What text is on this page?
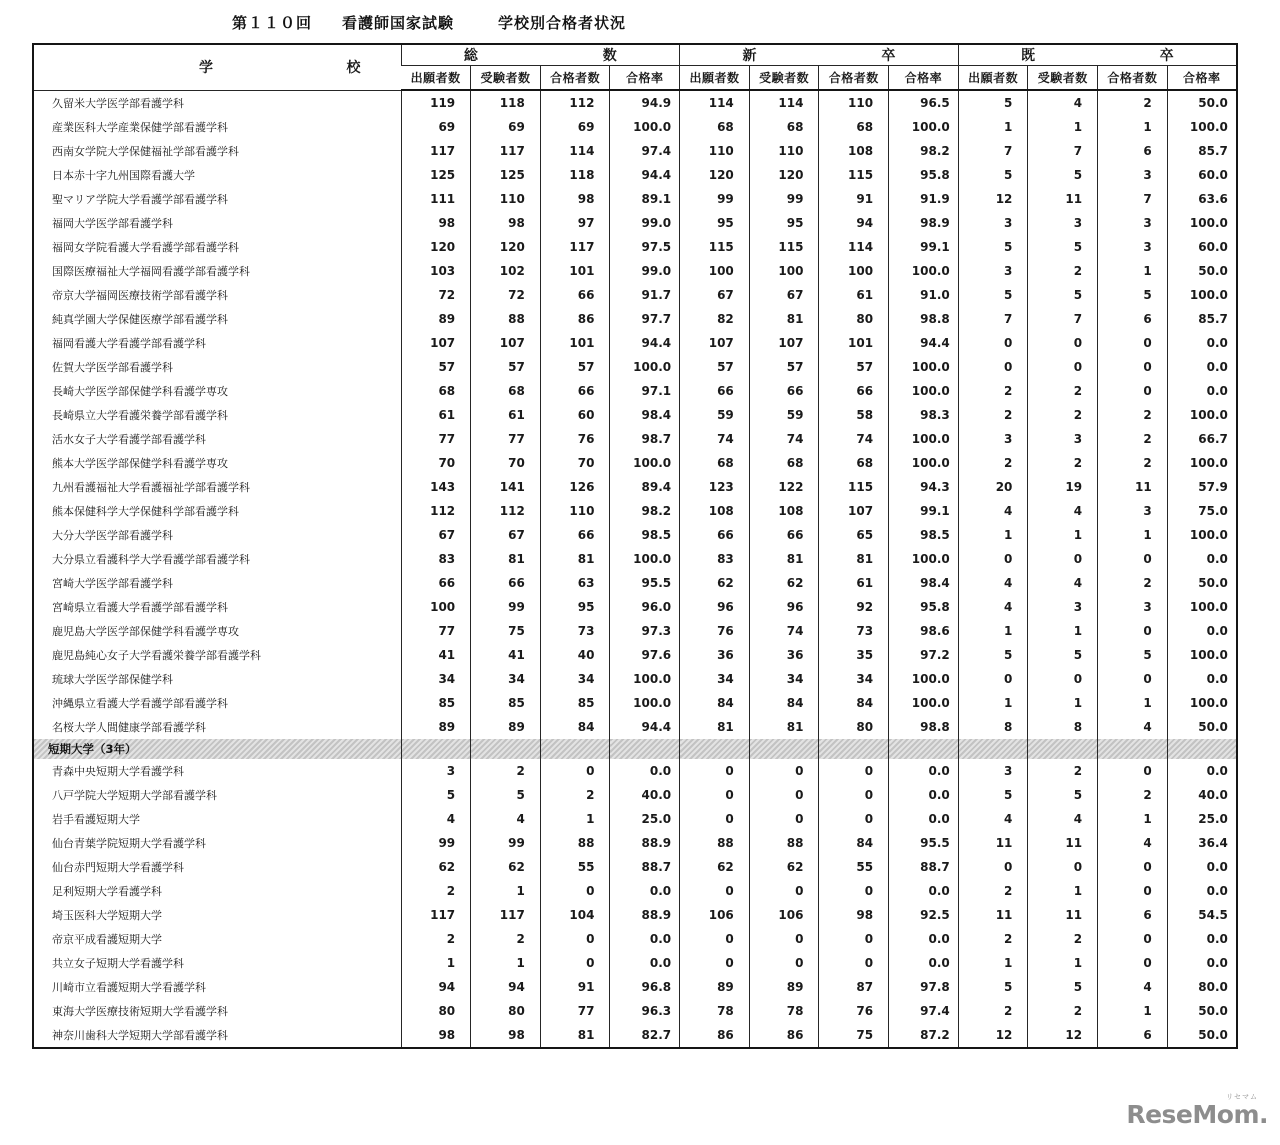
第１１０回 看護師国家試験	学校別合格者状況
学 校	総 数				新 卒				既 卒			

	出願者数	受験者数	合格者数	合格率	出願者数	受験者数	合格者数	合格率	出願者数	受験者数	合格者数	合格率
久留米大学医学部看護学科	119	118	112	94.9	114	114	110	96.5	5	4	2	50.0
産業医科大学産業保健学部看護学科	69	69	69	100.0	68	68	68	100.0	1	1	1	100.0
西南女学院大学保健福祉学部看護学科	117	117	114	97.4	110	110	108	98.2	7	7	6	85.7
日本赤十字九州国際看護大学	125	125	118	94.4	120	120	115	95.8	5	5	3	60.0
聖マリア学院大学看護学部看護学科	111	110	98	89.1	99	99	91	91.9	12	11	7	63.6
福岡大学医学部看護学科	98	98	97	99.0	95	95	94	98.9	3	3	3	100.0
福岡女学院看護大学看護学部看護学科	120	120	117	97.5	115	115	114	99.1	5	5	3	60.0
国際医療福祉大学福岡看護学部看護学科	103	102	101	99.0	100	100	100	100.0	3	2	1	50.0
帝京大学福岡医療技術学部看護学科	72	72	66	91.7	67	67	61	91.0	5	5	5	100.0
純真学園大学保健医療学部看護学科	89	88	86	97.7	82	81	80	98.8	7	7	6	85.7
福岡看護大学看護学部看護学科	107	107	101	94.4	107	107	101	94.4	0	0	0	0.0
佐賀大学医学部看護学科	57	57	57	100.0	57	57	57	100.0	0	0	0	0.0
長崎大学医学部保健学科看護学専攻	68	68	66	97.1	66	66	66	100.0	2	2	0	0.0
長崎県立大学看護栄養学部看護学科	61	61	60	98.4	59	59	58	98.3	2	2	2	100.0
活水女子大学看護学部看護学科	77	77	76	98.7	74	74	74	100.0	3	3	2	66.7
熊本大学医学部保健学科看護学専攻	70	70	70	100.0	68	68	68	100.0	2	2	2	100.0
九州看護福祉大学看護福祉学部看護学科	143	141	126	89.4	123	122	115	94.3	20	19	11	57.9
熊本保健科学大学保健科学部看護学科	112	112	110	98.2	108	108	107	99.1	4	4	3	75.0
大分大学医学部看護学科	67	67	66	98.5	66	66	65	98.5	1	1	1	100.0
大分県立看護科学大学看護学部看護学科	83	81	81	100.0	83	81	81	100.0	0	0	0	0.0
宮崎大学医学部看護学科	66	66	63	95.5	62	62	61	98.4	4	4	2	50.0
宮崎県立看護大学看護学部看護学科	100	99	95	96.0	96	96	92	95.8	4	3	3	100.0
鹿児島大学医学部保健学科看護学専攻	77	75	73	97.3	76	74	73	98.6	1	1	0	0.0
鹿児島純心女子大学看護栄養学部看護学科	41	41	40	97.6	36	36	35	97.2	5	5	5	100.0
琉球大学医学部保健学科	34	34	34	100.0	34	34	34	100.0	0	0	0	0.0
沖縄県立看護大学看護学部看護学科	85	85	85	100.0	84	84	84	100.0	1	1	1	100.0
名桜大学人間健康学部看護学科	89	89	84	94.4	81	81	80	98.8	8	8	4	50.0
短期大学（3年）												
青森中央短期大学看護学科	3	2	0	0.0	0	0	0	0.0	3	2	0	0.0
八戸学院大学短期大学部看護学科	5	5	2	40.0	0	0	0	0.0	5	5	2	40.0
岩手看護短期大学	4	4	1	25.0	0	0	0	0.0	4	4	1	25.0
仙台青葉学院短期大学看護学科	99	99	88	88.9	88	88	84	95.5	11	11	4	36.4
仙台赤門短期大学看護学科	62	62	55	88.7	62	62	55	88.7	0	0	0	0.0
足利短期大学看護学科	2	1	0	0.0	0	0	0	0.0	2	1	0	0.0
埼玉医科大学短期大学	117	117	104	88.9	106	106	98	92.5	11	11	6	54.5
帝京平成看護短期大学	2	2	0	0.0	0	0	0	0.0	2	2	0	0.0
共立女子短期大学看護学科	1	1	0	0.0	0	0	0	0.0	1	1	0	0.0
川崎市立看護短期大学看護学科	94	94	91	96.8	89	89	87	97.8	5	5	4	80.0
東海大学医療技術短期大学看護学科	80	80	77	96.3	78	78	76	97.4	2	2	1	50.0
神奈川歯科大学短期大学部看護学科	98	98	81	82.7	86	86	75	87.2	12	12	6	50.0
リセマム
ReseMom.
